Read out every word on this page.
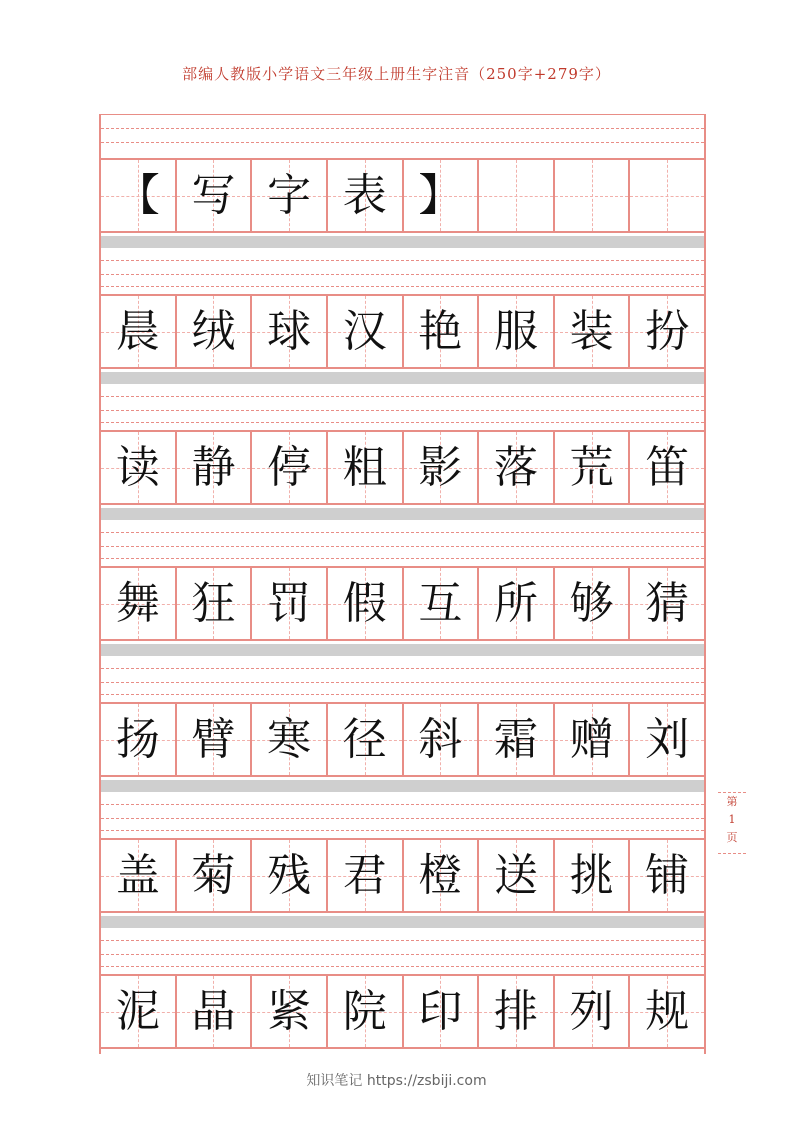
部编人教版小学语文三年级上册生字注音（250字+279字）
【 写 字 表 】
晨 绒 球 汉 艳 服 装 扮
读 静 停 粗 影 落 荒 笛
舞 狂 罚 假 互 所 够 猜
扬 臂 寒 径 斜 霜 赠 刘
盖 菊 残 君 橙 送 挑 铺
泥 晶 紧 院 印 排 列 规
第
1
页
知识笔记 https://zsbiji.com
